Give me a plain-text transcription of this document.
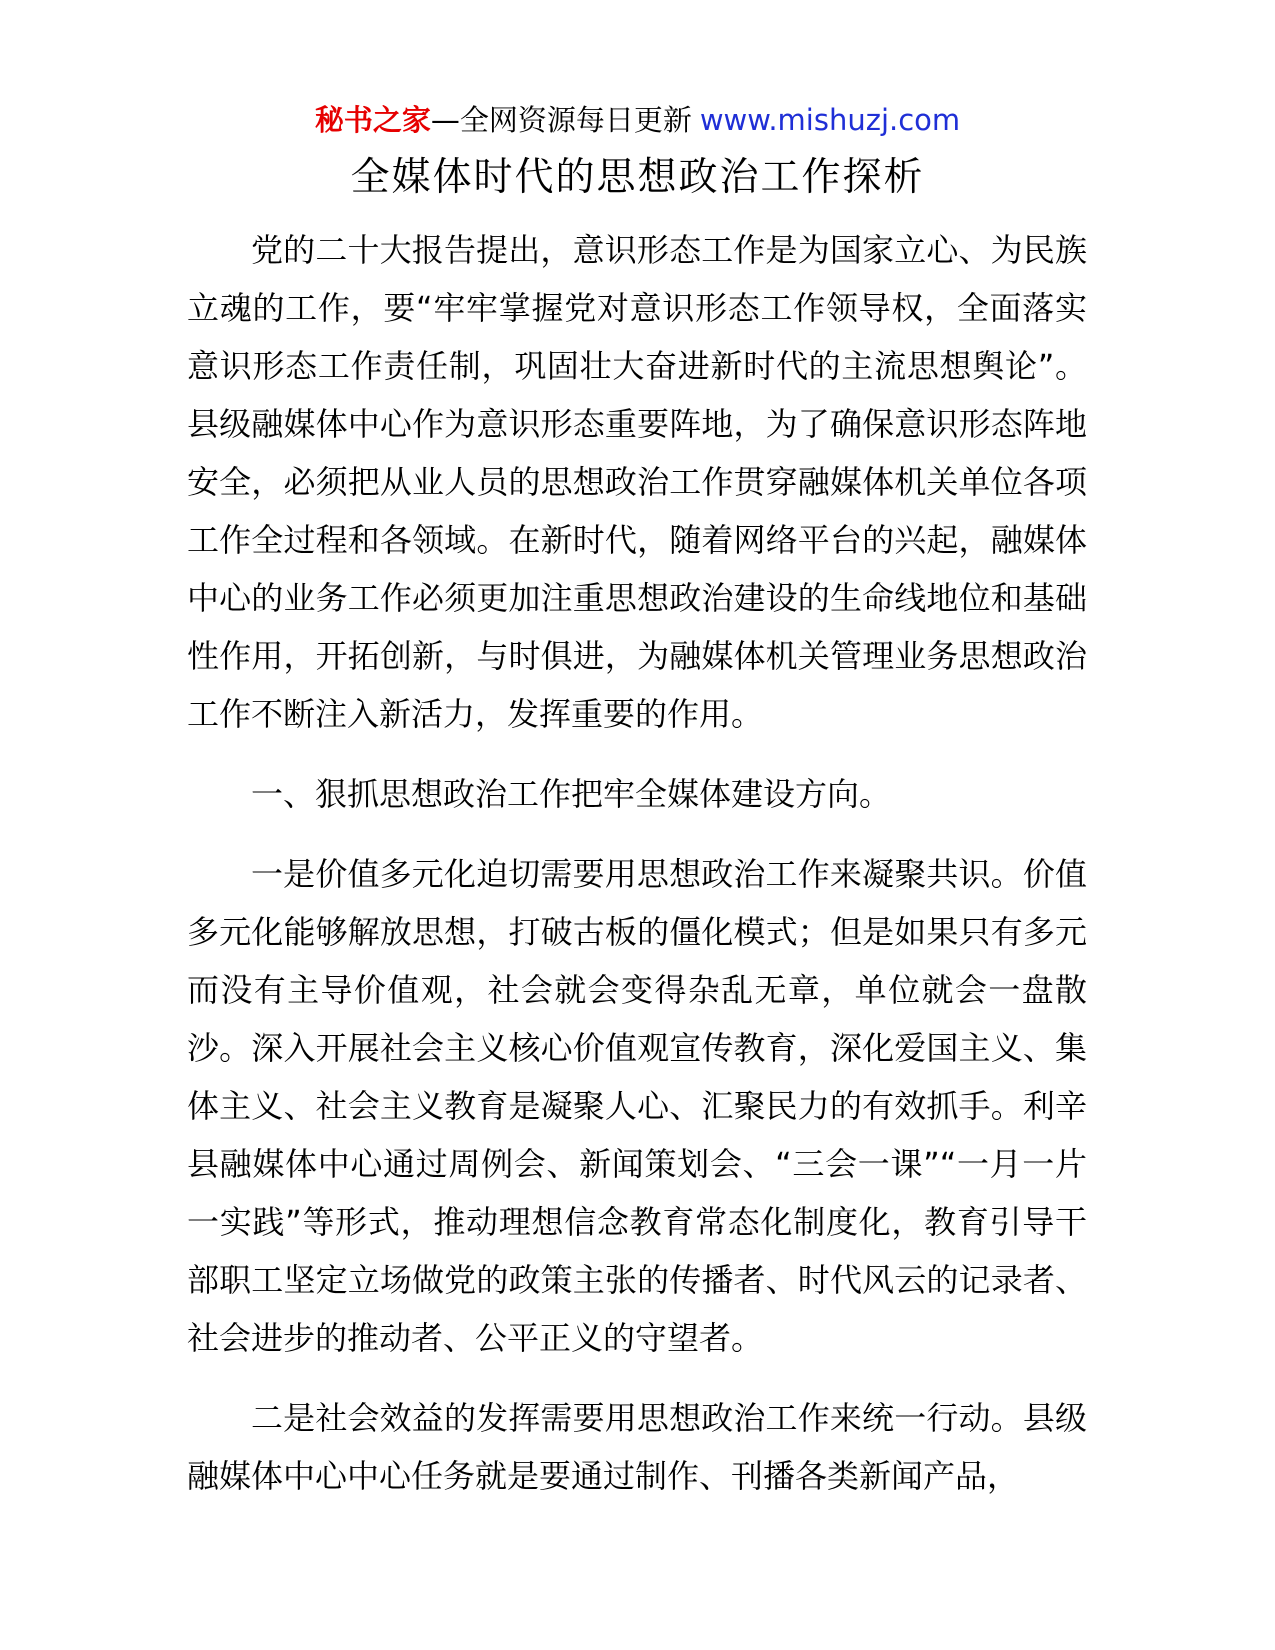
秘书之家—全网资源每日更新 www.mishuzj.com
全媒体时代的思想政治工作探析

党的二十大报告提出，意识形态工作是为国家立心、为民族立魂的工作，要“牢牢掌握党对意识形态工作领导权，全面落实意识形态工作责任制，巩固壮大奋进新时代的主流思想舆论”。县级融媒体中心作为意识形态重要阵地，为了确保意识形态阵地安全，必须把从业人员的思想政治工作贯穿融媒体机关单位各项工作全过程和各领域。在新时代，随着网络平台的兴起，融媒体中心的业务工作必须更加注重思想政治建设的生命线地位和基础性作用，开拓创新，与时俱进，为融媒体机关管理业务思想政治工作不断注入新活力，发挥重要的作用。

一、狠抓思想政治工作把牢全媒体建设方向。

一是价值多元化迫切需要用思想政治工作来凝聚共识。价值多元化能够解放思想，打破古板的僵化模式；但是如果只有多元而没有主导价值观，社会就会变得杂乱无章，单位就会一盘散沙。深入开展社会主义核心价值观宣传教育，深化爱国主义、集体主义、社会主义教育是凝聚人心、汇聚民力的有效抓手。利辛县融媒体中心通过周例会、新闻策划会、“三会一课”“一月一片一实践”等形式，推动理想信念教育常态化制度化，教育引导干部职工坚定立场做党的政策主张的传播者、时代风云的记录者、社会进步的推动者、公平正义的守望者。

二是社会效益的发挥需要用思想政治工作来统一行动。县级融媒体中心中心任务就是要通过制作、刊播各类新闻产品，
